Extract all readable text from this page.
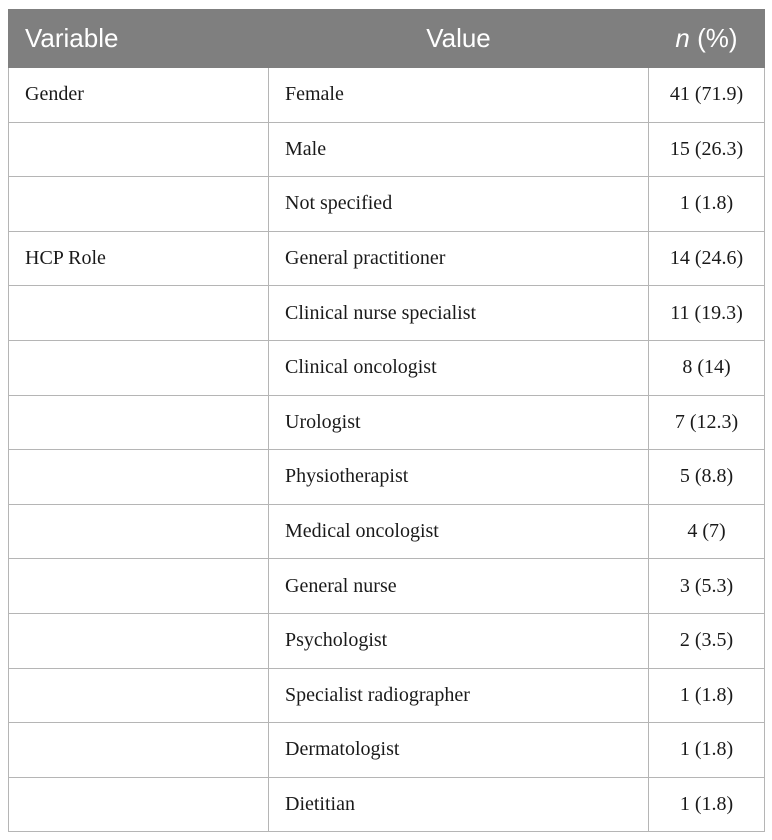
Variable	Value	n (%)
Gender	Female	41 (71.9)
	Male	15 (26.3)
	Not specified	1 (1.8)
HCP Role	General practitioner	14 (24.6)
	Clinical nurse specialist	11 (19.3)
	Clinical oncologist	8 (14)
	Urologist	7 (12.3)
	Physiotherapist	5 (8.8)
	Medical oncologist	4 (7)
	General nurse	3 (5.3)
	Psychologist	2 (3.5)
	Specialist radiographer	1 (1.8)
	Dermatologist	1 (1.8)
	Dietitian	1 (1.8)
